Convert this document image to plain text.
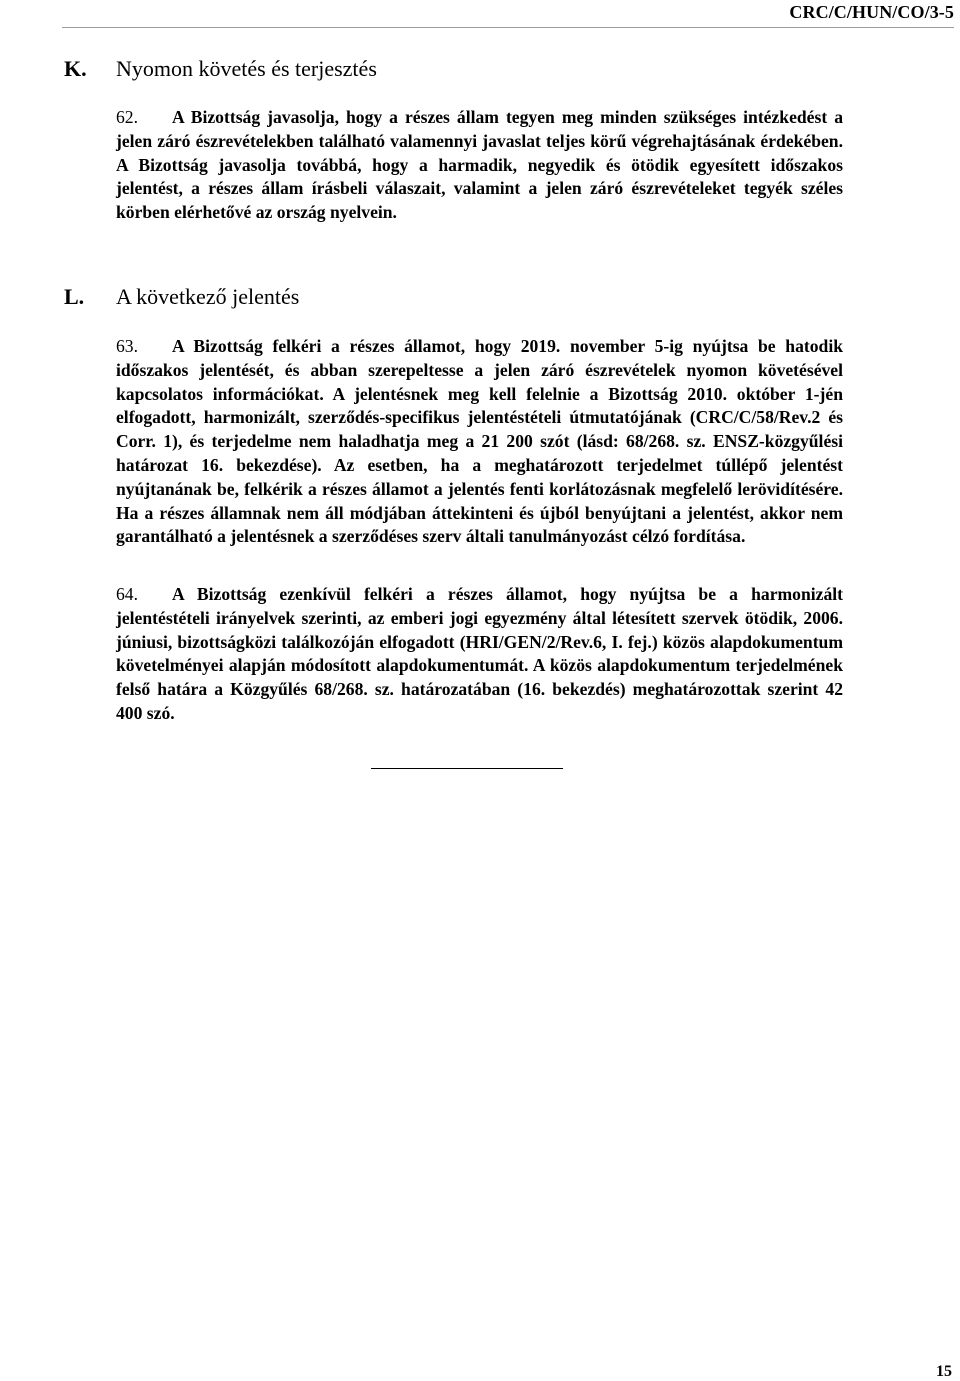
CRC/C/HUN/CO/3-5
K. Nyomon követés és terjesztés

62. A Bizottság javasolja, hogy a részes állam tegyen meg minden szükséges intézkedést a jelen záró észrevételekben található valamennyi javaslat teljes körű végrehajtásának érdekében. A Bizottság javasolja továbbá, hogy a harmadik, negyedik és ötödik egyesített időszakos jelentést, a részes állam írásbeli válaszait, valamint a jelen záró észrevételeket tegyék széles körben elérhetővé az ország nyelvein.

L. A következő jelentés

63. A Bizottság felkéri a részes államot, hogy 2019. november 5-ig nyújtsa be hatodik időszakos jelentését, és abban szerepeltesse a jelen záró észrevételek nyomon követésével kapcsolatos információkat. A jelentésnek meg kell felelnie a Bizottság 2010. október 1-jén elfogadott, harmonizált, szerződés-specifikus jelentéstételi útmutatójának (CRC/C/58/Rev.2 és Corr. 1), és terjedelme nem haladhatja meg a 21 200 szót (lásd: 68/268. sz. ENSZ-közgyűlési határozat 16. bekezdése). Az esetben, ha a meghatározott terjedelmet túllépő jelentést nyújtanának be, felkérik a részes államot a jelentés fenti korlátozásnak megfelelő lerövidítésére. Ha a részes államnak nem áll módjában áttekinteni és újból benyújtani a jelentést, akkor nem garantálható a jelentésnek a szerződéses szerv általi tanulmányozást célzó fordítása.

64. A Bizottság ezenkívül felkéri a részes államot, hogy nyújtsa be a harmonizált jelentéstételi irányelvek szerinti, az emberi jogi egyezmény által létesített szervek ötödik, 2006. júniusi, bizottságközi találkozóján elfogadott (HRI/GEN/2/Rev.6, I. fej.) közös alapdokumentum követelményei alapján módosított alapdokumentumát. A közös alapdokumentum terjedelmének felső határa a Közgyűlés 68/268. sz. határozatában (16. bekezdés) meghatározottak szerint 42 400 szó.

15
